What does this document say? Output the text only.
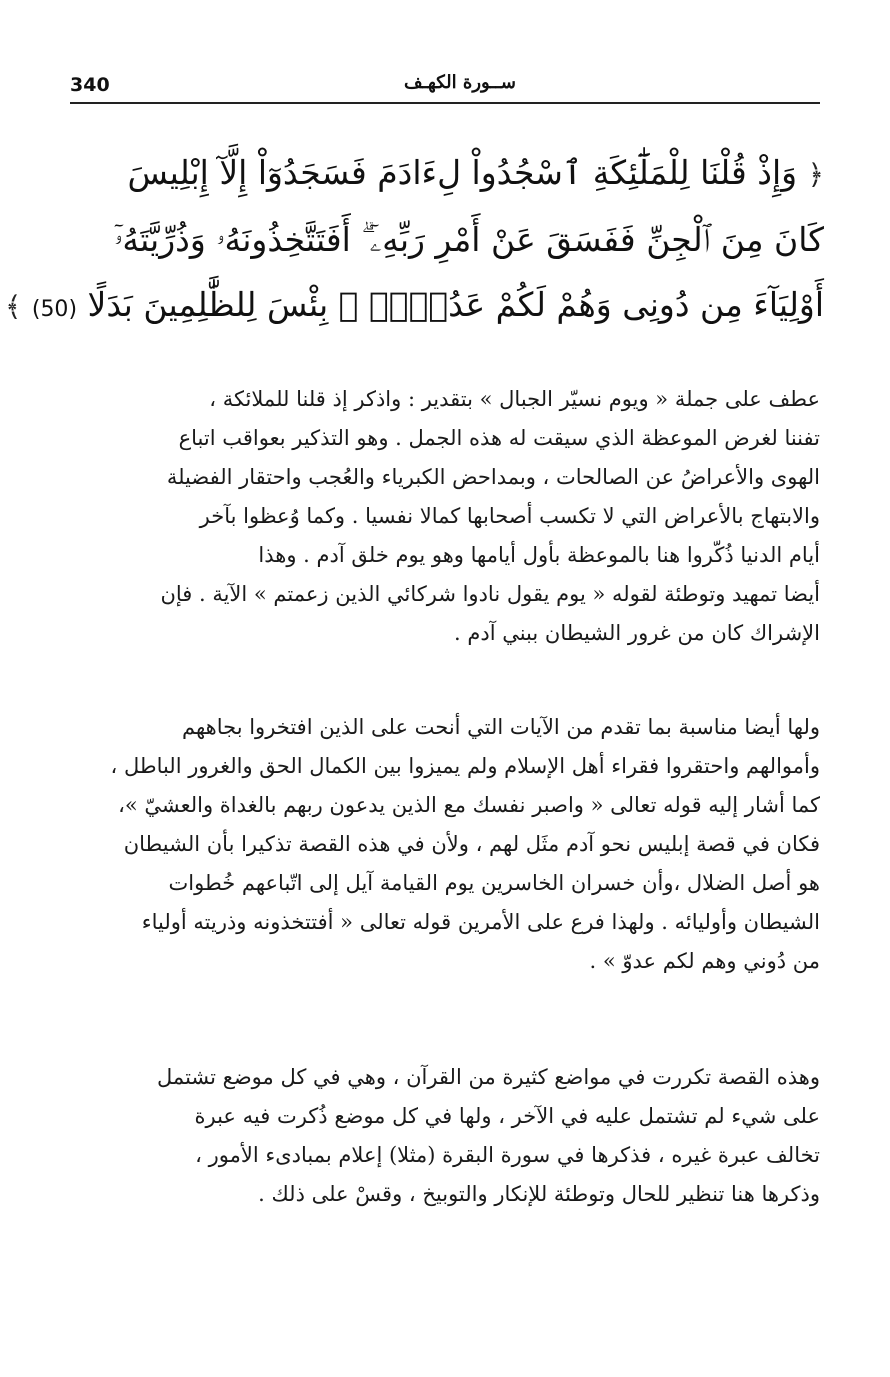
340	ســورة الكهـف
﴿ وَإِذْ قُلْنَا لِلْمَلَٰٓئِكَةِ ٱسْجُدُواْ لِءَادَمَ فَسَجَدُوٓاْ إِلَّآ إِبْلِيسَ
كَانَ مِنَ ٱلْجِنِّ فَفَسَقَ عَنْ أَمْرِ رَبِّهِۦٓ ۗ أَفَتَتَّخِذُونَهُۥ وَذُرِّيَّتَهُۥٓ
أَوْلِيَآءَ مِن دُونِى وَهُمْ لَكُمْ عَدُوٌّۢ ۚ بِئْسَ لِلظَّٰلِمِينَ بَدَلًا (50) ﴾
عطف على جملة « ويوم نسيّر الجبال » بتقدير : واذكر إذ قلنا للملائكة ،
تفننا لغرض الموعظة الذي سيقت له هذه الجمل . وهو التذكير بعواقب اتباع
الهوى والأعراضُ عن الصالحات ، وبمداحض الكبرياء والعُجب واحتقار الفضيلة
والابتهاج بالأعراض التي لا تكسب أصحابها كمالا نفسيا . وكما وُعظوا بآخر
أيام الدنيا ذُكّروا هنا بالموعظة بأول أيامها وهو يوم خلق آدم . وهذا
أيضا تمهيد وتوطئة لقوله « يوم يقول نادوا شركائي الذين زعمتم » الآية . فإن
الإشراك كان من غرور الشيطان ببني آدم .
ولها أيضا مناسبة بما تقدم من الآيات التي أنحت على الذين افتخروا بجاههم
وأموالهم واحتقروا فقراء أهل الإسلام ولم يميزوا بين الكمال الحق والغرور الباطل ،
كما أشار إليه قوله تعالى « واصبر نفسك مع الذين يدعون ربهم بالغداة والعشيّ »،
فكان في قصة إبليس نحو آدم مثَل لهم ، ولأن في هذه القصة تذكيرا بأن الشيطان
هو أصل الضلال ،وأن خسران الخاسرين يوم القيامة آيل إلى اتّباعهم خُطوات
الشيطان وأوليائه . ولهذا فرع على الأمرين قوله تعالى « أفتتخذونه وذريته أولياء
من دُوني وهم لكم عدوّ » .
وهذه القصة تكررت في مواضع كثيرة من القرآن ، وهي في كل موضع تشتمل
على شيء لم تشتمل عليه في الآخر ، ولها في كل موضع ذُكرت فيه عبرة
تخالف عبرة غيره ، فذكرها في سورة البقرة (مثلا) إعلام بمبادىء الأمور ،
وذكرها هنا تنظير للحال وتوطئة للإنكار والتوبيخ ، وقسْ على ذلك .
